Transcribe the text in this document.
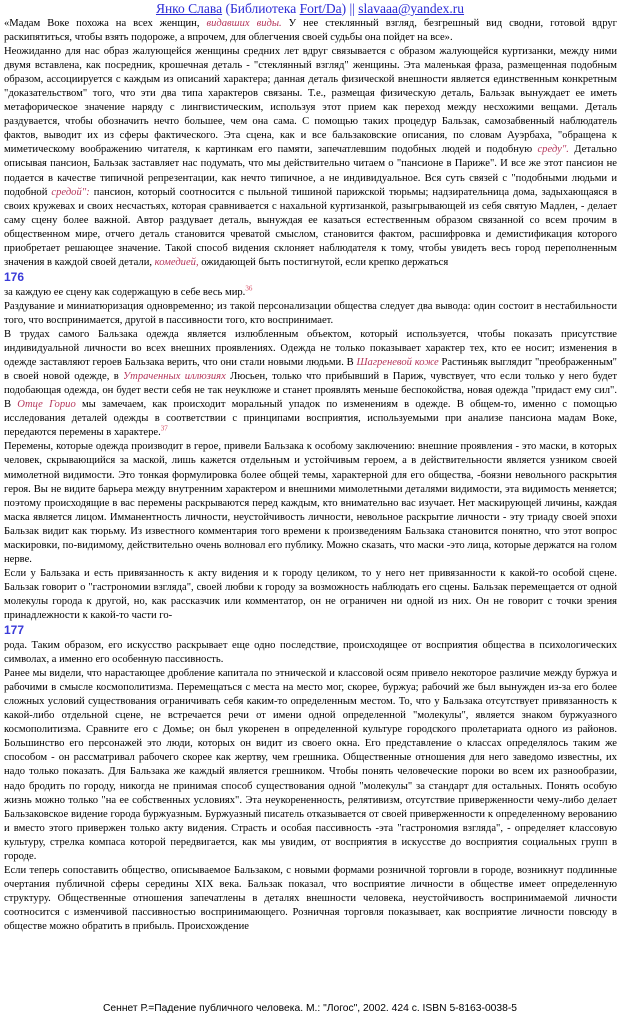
Янко Слава (Библиотека Fort/Da) || slavaaa@yandex.ru

«Мадам Воке похожа на всех женщин, видавших виды. У нее стеклянный взгляд, безгрешный вид сводни, готовой вдруг раскипятиться, чтобы взять подороже, а впрочем, для облегчения своей судьбы она пойдет на все».

Неожиданно для нас образ жалующейся женщины средних лет вдруг связывается с образом жалующейся куртизанки, между ними двумя вставлена, как посредник, крошечная деталь - "стеклянный взгляд" женщины. Эта маленькая фраза, размещенная подобным образом, ассоциируется с каждым из описаний характера; данная деталь физической внешности является единственным конкретным "доказательством" того, что эти два типа характеров связаны. Т.е., размещая физическую деталь, Бальзак вынуждает ее иметь метафорическое значение наряду с лингвистическим, используя этот прием как переход между несхожими вещами. Деталь раздувается, чтобы обозначить нечто большее, чем она сама. С помощью таких процедур Бальзак, самозабвенный наблюдатель фактов, выводит их из сферы фактического. Эта сцена, как и все бальзаковские описания, по словам Ауэрбаха, "обращена к миметическому воображению читателя, к картинкам его памяти, запечатлевшим подобных людей и подобную среду". Детально описывая пансион, Бальзак заставляет нас подумать, что мы действительно читаем о "пансионе в Париже". И все же этот пансион не подается в качестве типичной репрезентации, как нечто типичное, а не индивидуальное. Вся суть связей с "подобными людьми и подобной средой": пансион, который соотносится с пыльной тишиной парижской тюрьмы; надзирательница дома, задыхающаяся в своих кружевах и своих несчастьях, которая сравнивается с нахальной куртизанкой, разыгрывающей из себя святую Мадлен, - делает саму сцену более важной. Автор раздувает деталь, вынуждая ее казаться естественным образом связанной со всем прочим в общественном мире, отчего деталь становится чреватой смыслом, становится фактом, расшифровка и демистификация которого приобретает решающее значение. Такой способ видения склоняет наблюдателя к тому, чтобы увидеть весь город переполненным значения в каждой своей детали, комедией, ожидающей быть постигнутой, если крепко держаться

176

за каждую ее сцену как содержащую в себе весь мир.$^{36}$

Раздувание и миниатюризация одновременно; из такой персонализации общества следует два вывода: один состоит в нестабильности того, что воспринимается, другой в пассивности того, кто воспринимает.

В трудах самого Бальзака одежда является излюбленным объектом, который используется, чтобы показать присутствие индивидуальной личности во всех внешних проявлениях. Одежда не только показывает характер тех, кто ее носит; изменения в одежде заставляют героев Бальзака верить, что они стали новыми людьми. В Шагреневой коже Растиньяк выглядит "преображенным" в своей новой одежде, в Утраченных иллюзиях Люсьен, только что прибывший в Париж, чувствует, что если только у него будет подобающая одежда, он будет вести себя не так неуклюже и станет проявлять меньше беспокойства, новая одежда "придаст ему сил". В Отце Горио мы замечаем, как происходит моральный упадок по изменениям в одежде. В общем-то, именно с помощью исследования деталей одежды в соответствии с принципами восприятия, используемыми при анализе пансиона мадам Воке, передаются перемены в характере.$^{37}$

Перемены, которые одежда производит в герое, привели Бальзака к особому заключению: внешние проявления - это маски, в которых человек, скрывающийся за маской, лишь кажется отдельным и устойчивым героем, а в действительности является узником своей мимолетной видимости. Это тонкая формулировка более общей темы, характерной для его общества, -боязни невольного раскрытия героя. Вы не видите барьера между внутренним характером и внешними мимолетными деталями видимости, эта видимость меняется; поэтому происходящие в вас перемены раскрываются перед каждым, кто внимательно вас изучает. Нет маскирующей личины, каждая маска является лицом. Имманентность личности, неустойчивость личности, невольное раскрытие личности - эту триаду своей эпохи Бальзак видит как тюрьму. Из известного комментария того времени к произведениям Бальзака становится понятно, что этот вопрос маскировки, по-видимому, действительно очень волновал его публику. Можно сказать, что маски -это лица, которые держатся на голом нерве.

Если у Бальзака и есть привязанность к акту видения и к городу целиком, то у него нет привязанности к какой-то особой сцене. Бальзак говорит о "гастрономии взгляда", своей любви к городу за возможность наблюдать его сцены. Бальзак перемещается от одной молекулы города к другой, но, как рассказчик или комментатор, он не ограничен ни одной из них. Он не говорит с точки зрения принадлежности к какой-то части го-

177

рода. Таким образом, его искусство раскрывает еще одно последствие, происходящее от восприятия общества в психологических символах, а именно его особенную пассивность.

Ранее мы видели, что нарастающее дробление капитала по этнической и классовой осям привело некоторое различие между буржуа и рабочими в смысле космополитизма. Перемещаться с места на место мог, скорее, буржуа; рабочий же был вынужден из-за его более сложных условий существования ограничивать себя каким-то определенным местом. То, что у Бальзака отсутствует привязанность к какой-либо отдельной сцене, не встречается речи от имени одной определенной "молекулы", является знаком буржуазного космополитизма. Сравните его с Домье; он был укоренен в определенной культуре городского пролетариата одного из районов. Большинство его персонажей это люди, которых он видит из своего окна. Его представление о классах определялось таким же способом - он рассматривал рабочего скорее как жертву, чем грешника. Общественные отношения для него заведомо известны, их надо только показать. Для Бальзака же каждый является грешником. Чтобы понять человеческие пороки во всем их разнообразии, надо бродить по городу, никогда не принимая способ существования одной "молекулы" за стандарт для остальных. Понять особую жизнь можно только "на ее собственных условиях". Эта неукорененность, релятивизм, отсутствие приверженности чему-либо делает Бальзаковское видение города буржуазным. Буржуазный писатель отказывается от своей приверженности к определенному верованию и вместо этого привержен только акту видения. Страсть и особая пассивность -эта "гастрономия взгляда", - определяет классовую культуру, стрелка компаса которой передвигается, как мы увидим, от восприятия в искусстве до восприятия социальных групп в городе.

Если теперь сопоставить общество, описываемое Бальзаком, с новыми формами розничной торговли в городе, возникнут подлинные очертания публичной сферы середины XIX века. Бальзак показал, что восприятие личности в обществе имеет определенную структуру. Общественные отношения запечатлены в деталях внешности человека, неустойчивость воспринимаемой личности соотносится с изменчивой пассивностью воспринимающего. Розничная торговля показывает, как восприятие личности повсюду в обществе можно обратить в прибыль. Происхождение

Сеннет Р.=Падение публичного человека. М.: "Логос", 2002. 424 с. ISBN 5-8163-0038-5
